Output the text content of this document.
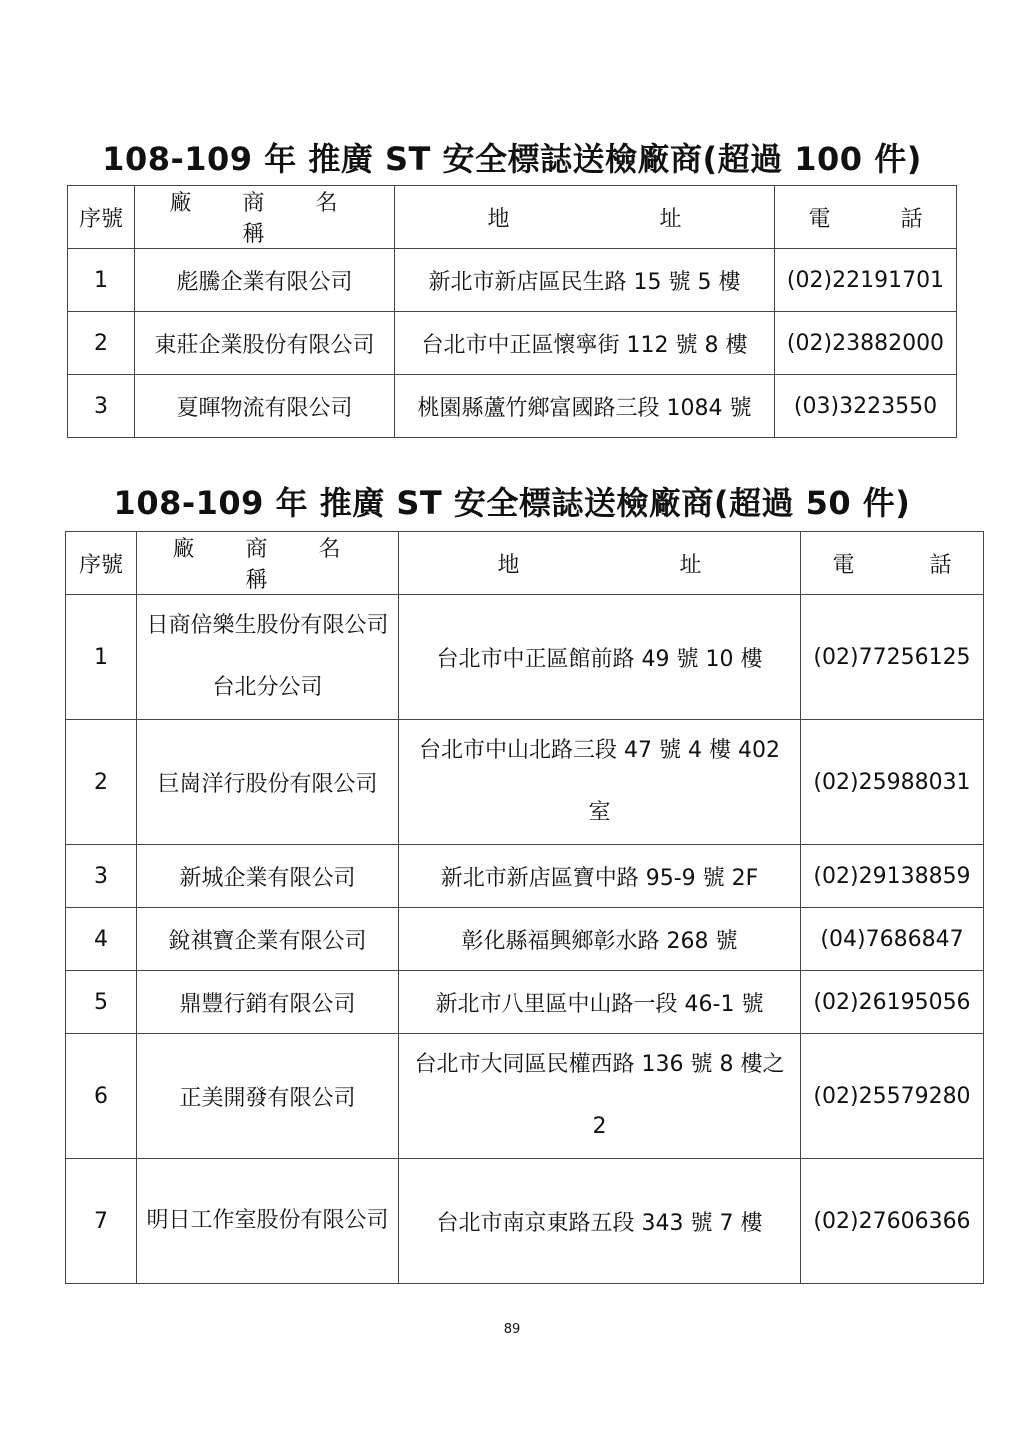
108-109 年 推廣 ST 安全標誌送檢廠商(超過 100 件)
序號	廠 商 名 稱	地 址	電 話
1	彪騰企業有限公司	新北市新店區民生路 15 號 5 樓	(02)22191701
2	東莊企業股份有限公司	台北市中正區懷寧街 112 號 8 樓	(02)23882000
3	夏暉物流有限公司	桃園縣蘆竹鄉富國路三段 1084 號	(03)3223550
108-109 年 推廣 ST 安全標誌送檢廠商(超過 50 件)
序號	廠 商 名 稱	地 址	電 話
1	日商倍樂生股份有限公司台北分公司	台北市中正區館前路 49 號 10 樓	(02)77256125
2	巨崗洋行股份有限公司	台北市中山北路三段 47 號 4 樓 402 室	(02)25988031
3	新城企業有限公司	新北市新店區寶中路 95-9 號 2F	(02)29138859
4	銳祺寶企業有限公司	彰化縣福興鄉彰水路 268 號	(04)7686847
5	鼎豐行銷有限公司	新北市八里區中山路一段 46-1 號	(02)26195056
6	正美開發有限公司	台北市大同區民權西路 136 號 8 樓之 2	(02)25579280
7	明日工作室股份有限公司	台北市南京東路五段 343 號 7 樓	(02)27606366
89
